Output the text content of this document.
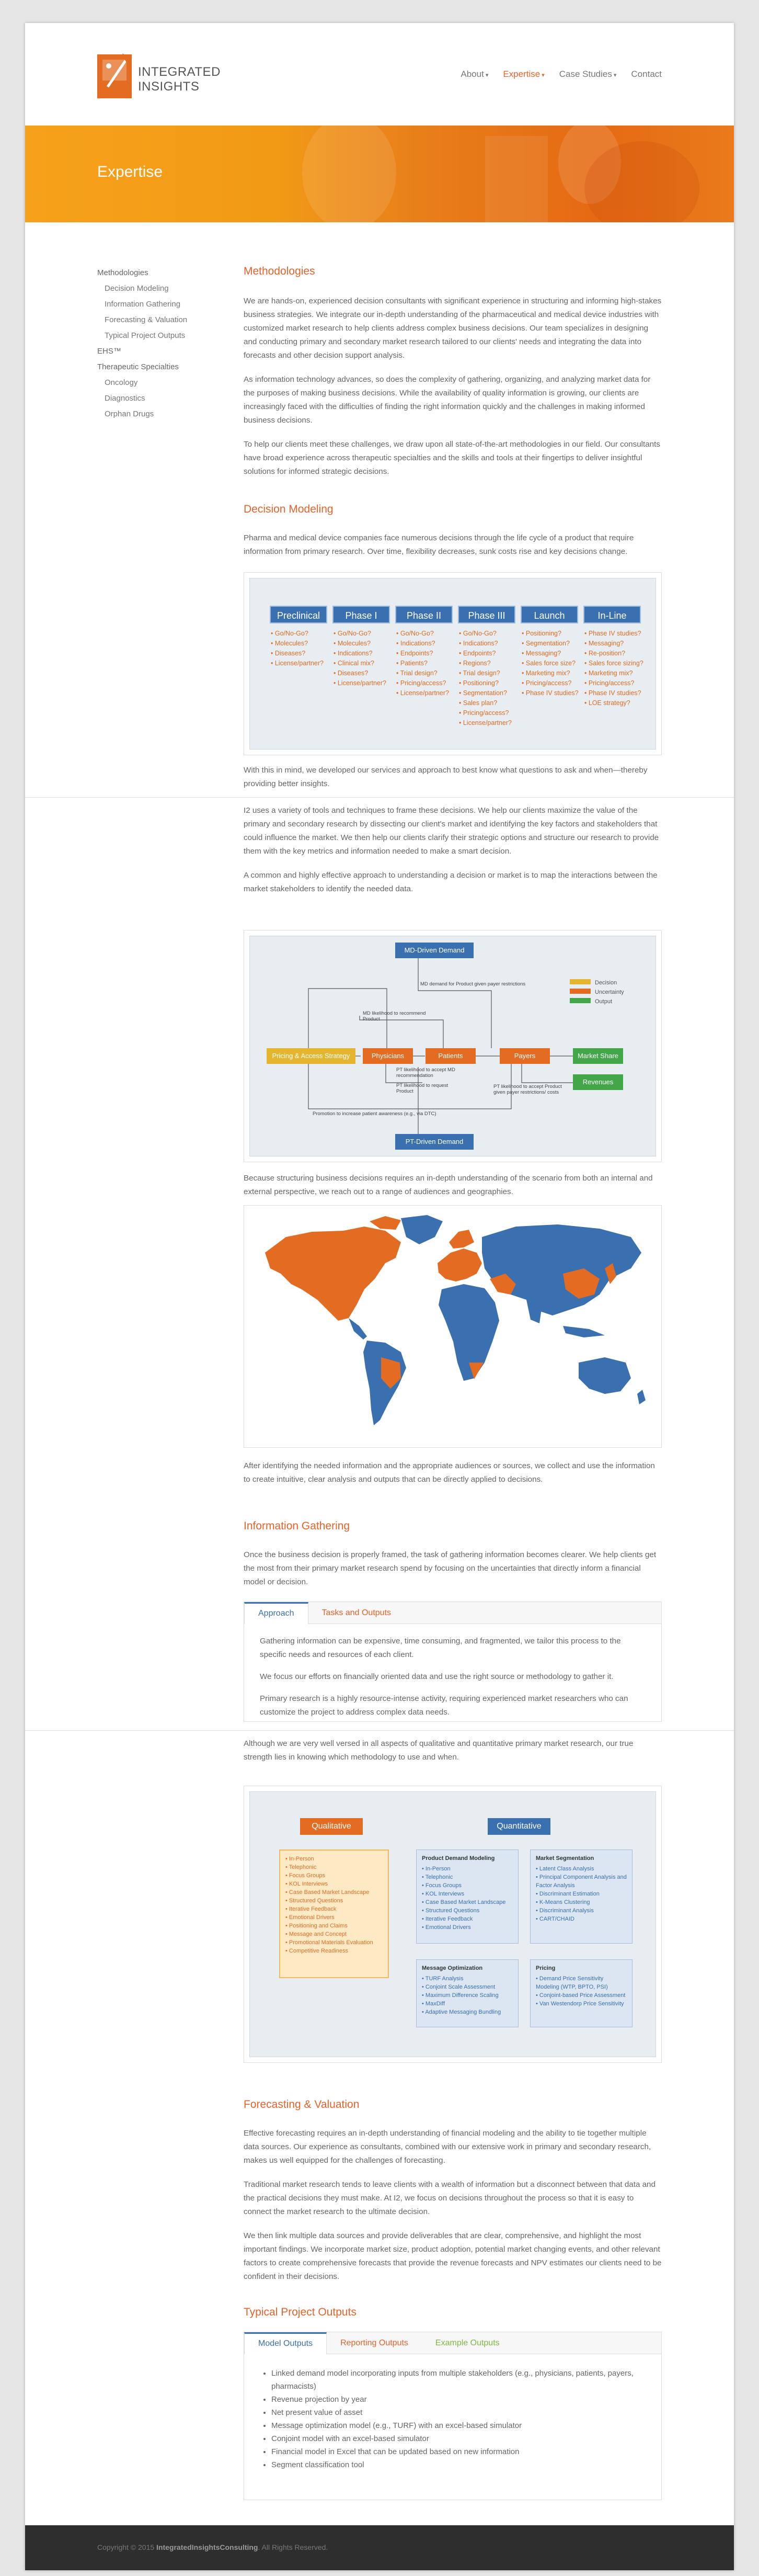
INTEGRATED
INSIGHTS
About ▾ Expertise ▾ Case Studies ▾ Contact
Expertise
Methodologies
Decision Modeling
Information Gathering
Forecasting & Valuation
Typical Project Outputs
EHS™
Therapeutic Specialties
Oncology
Diagnostics
Orphan Drugs
Methodologies

We are hands-on, experienced decision consultants with significant experience in structuring and informing high-stakes business strategies. We integrate our in-depth understanding of the pharmaceutical and medical device industries with customized market research to help clients address complex business decisions. Our team specializes in designing and conducting primary and secondary market research tailored to our clients' needs and integrating the data into forecasts and other decision support analysis.

As information technology advances, so does the complexity of gathering, organizing, and analyzing market data for the purposes of making business decisions. While the availability of quality information is growing, our clients are increasingly faced with the difficulties of finding the right information quickly and the challenges in making informed business decisions.

To help our clients meet these challenges, we draw upon all state-of-the-art methodologies in our field. Our consultants have broad experience across therapeutic specialties and the skills and tools at their fingertips to deliver insightful solutions for informed strategic decisions.

Decision Modeling

Pharma and medical device companies face numerous decisions through the life cycle of a product that require information from primary research. Over time, flexibility decreases, sunk costs rise and key decisions change.

Preclinical
• Go/No-Go?
• Molecules?
• Diseases?
• License/partner?
Phase I
• Go/No-Go?
• Molecules?
• Indications?
• Clinical mix?
• Diseases?
• License/partner?
Phase II
• Go/No-Go?
• Indications?
• Endpoints?
• Patients?
• Trial design?
• Pricing/access?
• License/partner?
Phase III
• Go/No-Go?
• Indications?
• Endpoints?
• Regions?
• Trial design?
• Positioning?
• Segmentation?
• Sales plan?
• Pricing/access?
• License/partner?
Launch
• Positioning?
• Segmentation?
• Messaging?
• Sales force size?
• Marketing mix?
• Pricing/access?
• Phase IV studies?
In-Line
• Phase IV studies?
• Messaging?
• Re-position?
• Sales force sizing?
• Marketing mix?
• Pricing/access?
• Phase IV studies?
• LOE strategy?

With this in mind, we developed our services and approach to best know what questions to ask and when—thereby providing better insights.

I2 uses a variety of tools and techniques to frame these decisions. We help our clients maximize the value of the primary and secondary research by dissecting our client's market and identifying the key factors and stakeholders that could influence the market. We then help our clients clarify their strategic options and structure our research to provide them with the key metrics and information needed to make a smart decision.

A common and highly effective approach to understanding a decision or market is to map the interactions between the market stakeholders to identify the needed data.

MD-Driven Demand
Pricing & Access Strategy	Physicians	Patients	Payers	Market Share
Revenues
PT-Driven Demand
Decision
Uncertainty
Output
MD demand for Product given payer restrictions
MD likelihood to recommend Product
PT likelihood to accept MD recommendation
PT likelihood to request Product
PT likelihood to accept Product given payer restrictions/ costs
Promotion to increase patient awareness (e.g., via DTC)

Because structuring business decisions requires an in-depth understanding of the scenario from both an internal and external perspective, we reach out to a range of audiences and geographies.

After identifying the needed information and the appropriate audiences or sources, we collect and use the information to create intuitive, clear analysis and outputs that can be directly applied to decisions.

Information Gathering

Once the business decision is properly framed, the task of gathering information becomes clearer. We help clients get the most from their primary market research spend by focusing on the uncertainties that directly inform a financial model or decision.

Approach	Tasks and Outputs

Gathering information can be expensive, time consuming, and fragmented, we tailor this process to the specific needs and resources of each client.

We focus our efforts on financially oriented data and use the right source or methodology to gather it.

Primary research is a highly resource-intense activity, requiring experienced market researchers who can customize the project to address complex data needs.

Although we are very well versed in all aspects of qualitative and quantitative primary market research, our true strength lies in knowing which methodology to use and when.

Qualitative	Quantitative
• In-Person
• Telephonic
• Focus Groups
• KOL Interviews
• Case Based Market Landscape
• Structured Questions
• Iterative Feedback
• Emotional Drivers
• Positioning and Claims
• Message and Concept
• Promotional Materials Evaluation
• Competitive Readiness
Product Demand Modeling
• In-Person
• Telephonic
• Focus Groups
• KOL Interviews
• Case Based Market Landscape
• Structured Questions
• Iterative Feedback
• Emotional Drivers
Market Segmentation
• Latent Class Analysis
• Principal Component Analysis and Factor Analysis
• Discriminant Estimation
• K-Means Clustering
• Discriminant Analysis
• CART/CHAID
Message Optimization
• TURF Analysis
• Conjoint Scale Assessment
• Maximum Difference Scaling
• MaxDiff
• Adaptive Messaging Bundling
Pricing
• Demand Price Sensitivity Modeling (WTP, BPTO, PSI)
• Conjoint-based Price Assessment
• Van Westendorp Price Sensitivity
Forecasting & Valuation

Effective forecasting requires an in-depth understanding of financial modeling and the ability to tie together multiple data sources. Our experience as consultants, combined with our extensive work in primary and secondary research, makes us well equipped for the challenges of forecasting.

Traditional market research tends to leave clients with a wealth of information but a disconnect between that data and the practical decisions they must make. At I2, we focus on decisions throughout the process so that it is easy to connect the market research to the ultimate decision.

We then link multiple data sources and provide deliverables that are clear, comprehensive, and highlight the most important findings. We incorporate market size, product adoption, potential market changing events, and other relevant factors to create comprehensive forecasts that provide the revenue forecasts and NPV estimates our clients need to be confident in their decisions.

Typical Project Outputs
Model Outputs	Reporting Outputs	Example Outputs
• Linked demand model incorporating inputs from multiple stakeholders (e.g., physicians, patients, payers, pharmacists)
• Revenue projection by year
• Net present value of asset
• Message optimization model (e.g., TURF) with an excel-based simulator
• Conjoint model with an excel-based simulator
• Financial model in Excel that can be updated based on new information
• Segment classification tool
Copyright © 2015 IntegratedInsightsConsulting. All Rights Reserved.
